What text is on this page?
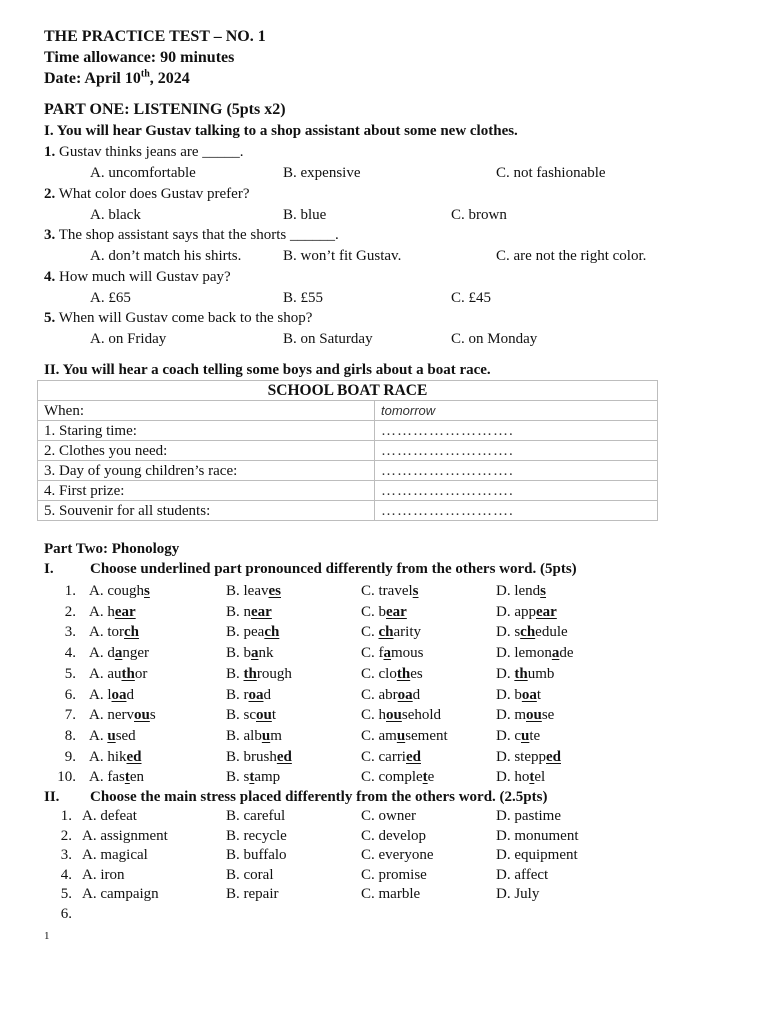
THE PRACTICE TEST – NO. 1
Time allowance: 90 minutes
Date: April 10th, 2024
PART ONE: LISTENING (5pts x2)
I. You will hear Gustav talking to a shop assistant about some new clothes.
1. Gustav thinks jeans are _____.
A. uncomfortable	B. expensive	C. not fashionable
2. What color does Gustav prefer?
A. black	B. blue	C. brown
3. The shop assistant says that the shorts ______.
A. don’t match his shirts.	B. won’t fit Gustav.	C. are not the right color.
4. How much will Gustav pay?
A. £65	B. £55	C. £45
5. When will Gustav come back to the shop?
A. on Friday	B. on Saturday	C. on Monday
II. You will hear a coach telling some boys and girls about a boat race.
SCHOOL BOAT RACE	
When:	tomorrow
1. Staring time:	…………………….
2. Clothes you need:	…………………….
3. Day of young children’s race:	…………………….
4. First prize:	…………………….
5. Souvenir for all students:	…………………….
Part Two: Phonology
I. Choose underlined part pronounced differently from the others word. (5pts)
1. A. coughs	B. leaves	C. travels	D. lends
2. A. hear	B. near	C. bear	D. appear
3. A. torch	B. peach	C. charity	D. schedule
4. A. danger	B. bank	C. famous	D. lemonade
5. A. author	B. through	C. clothes	D. thumb
6. A. load	B. road	C. abroad	D. boat
7. A. nervous	B. scout	C. household	D. mouse
8. A. used	B. album	C. amusement	D. cute
9. A. hiked	B. brushed	C. carried	D. stepped
10. A. fasten	B. stamp	C. complete	D. hotel
II. Choose the main stress placed differently from the others word. (2.5pts)
1. A. defeat	B. careful	C. owner	D. pastime
2. A. assignment	B. recycle	C. develop	D. monument
3. A. magical	B. buffalo	C. everyone	D. equipment
4. A. iron	B. coral	C. promise	D. affect
5. A. campaign	B. repair	C. marble	D. July
6.
1
